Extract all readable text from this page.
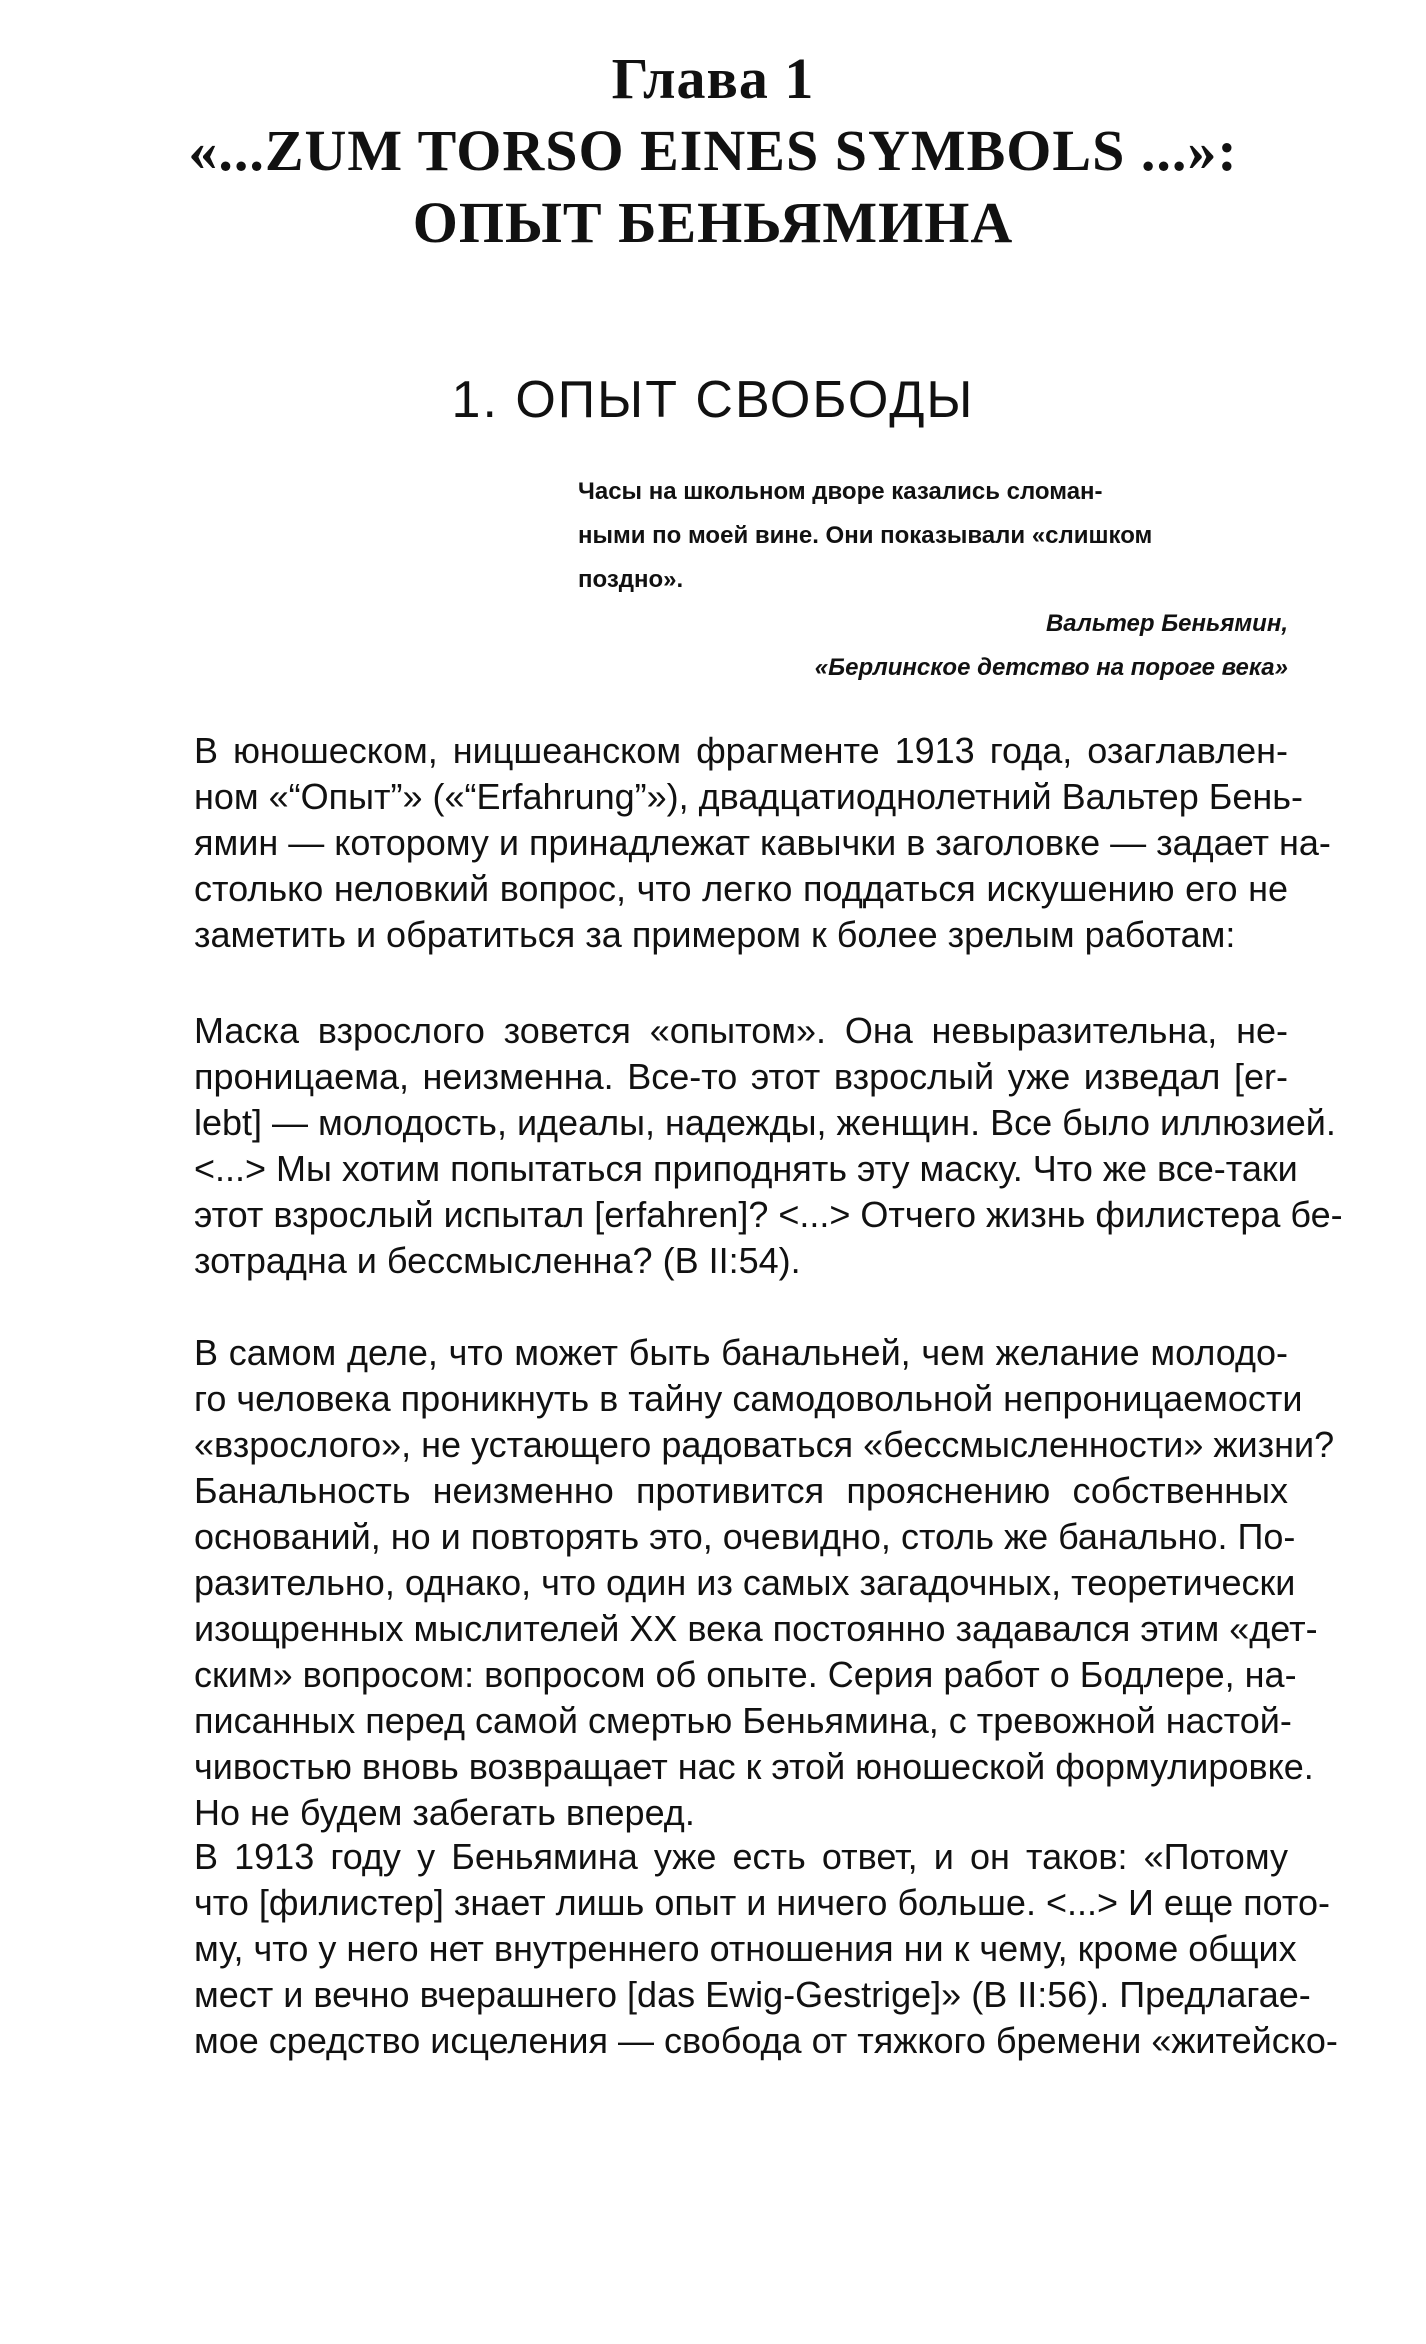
Глава 1
«...ZUM TORSO EINES SYMBOLS ...»:
ОПЫТ БЕНЬЯМИНА
1. ОПЫТ СВОБОДЫ
Часы на школьном дворе казались сломан-
ными по моей вине. Они показывали «слишком
поздно».
Вальтер Беньямин,
«Берлинское детство на пороге века»
В юношеском, ницшеанском фрагменте 1913 года, озаглавлен-
ном «“Опыт”» («“Erfahrung”»), двадцатиоднолетний Вальтер Бень-
ямин — которому и принадлежат кавычки в заголовке — задает на-
столько неловкий вопрос, что легко поддаться искушению его не
заметить и обратиться за примером к более зрелым работам:
Маска взрослого зовется «опытом». Она невыразительна, не-
проницаема, неизменна. Все-то этот взрослый уже изведал [er-
lebt] — молодость, идеалы, надежды, женщин. Все было иллюзией.
<...> Мы хотим попытаться приподнять эту маску. Что же все-таки
этот взрослый испытал [erfahren]? <...> Отчего жизнь филистера бе-
зотрадна и бессмысленна? (B II:54).
В самом деле, что может быть банальней, чем желание молодо-
го человека проникнуть в тайну самодовольной непроницаемости
«взрослого», не устающего радоваться «бессмысленности» жизни?
Банальность неизменно противится прояснению собственных
оснований, но и повторять это, очевидно, столь же банально. По-
разительно, однако, что один из самых загадочных, теоретически
изощренных мыслителей XX века постоянно задавался этим «дет-
ским» вопросом: вопросом об опыте. Серия работ о Бодлере, на-
писанных перед самой смертью Беньямина, с тревожной настой-
чивостью вновь возвращает нас к этой юношеской формулировке.
Но не будем забегать вперед.
В 1913 году у Беньямина уже есть ответ, и он таков: «Потому
что [филистер] знает лишь опыт и ничего больше. <...> И еще пото-
му, что у него нет внутреннего отношения ни к чему, кроме общих
мест и вечно вчерашнего [das Ewig-Gestrige]» (B II:56). Предлагае-
мое средство исцеления — свобода от тяжкого бремени «житейско-
